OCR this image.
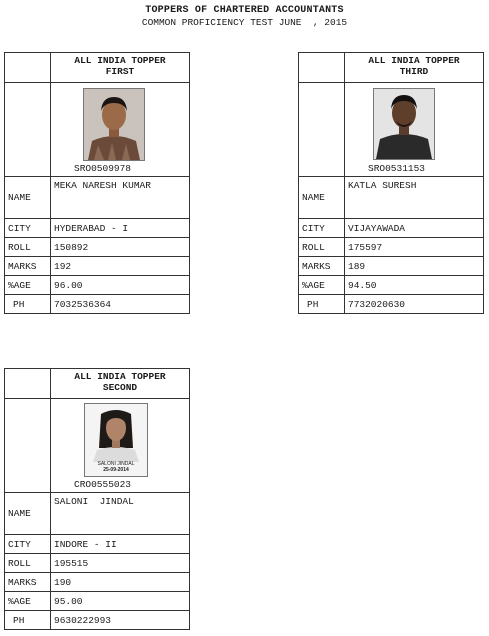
TOPPERS OF CHARTERED ACCOUNTANTS
COMMON PROFICIENCY TEST JUNE  , 2015

	ALL INDIA TOPPER
FIRST

	SRO0509978

NAME	MEKA NARESH KUMAR
CITY	HYDERABAD - I
ROLL	150892
MARKS	192
%AGE	96.00
PH	7032536364

	ALL INDIA TOPPER
THIRD

	SRO0531153

NAME	KATLA SURESH
CITY	VIJAYAWADA
ROLL	175597
MARKS	189
%AGE	94.50
PH	7732020630

	ALL INDIA TOPPER
SECOND

	SALONI JINDAL
25-09-2014
CRO0555023

NAME	SALONI  JINDAL
CITY	INDORE - II
ROLL	195515
MARKS	190
%AGE	95.00
PH	9630222993
